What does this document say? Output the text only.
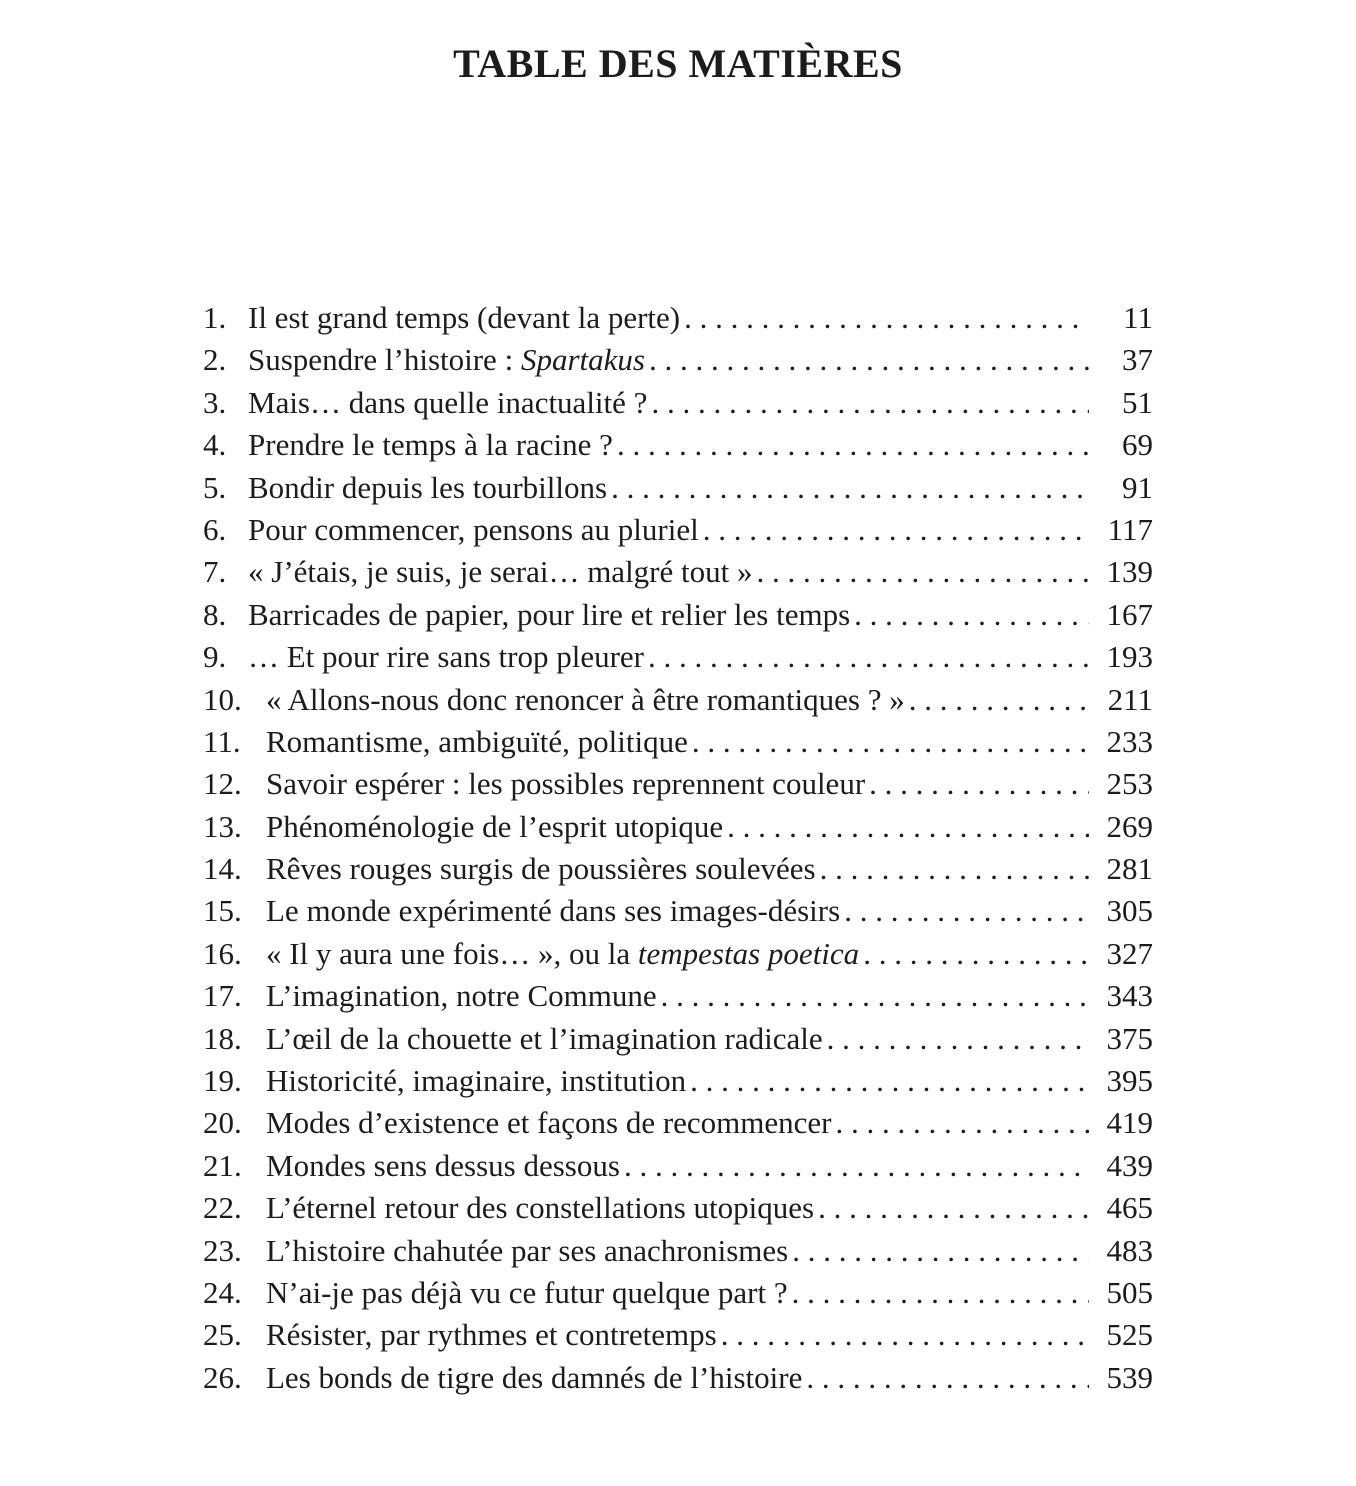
TABLE DES MATIÈRES
1. Il est grand temps (devant la perte) . . .	11
2. Suspendre l’histoire : Spartakus . . .	37
3. Mais… dans quelle inactualité ? . . .	51
4. Prendre le temps à la racine ? . . .	69
5. Bondir depuis les tourbillons . . .	91
6. Pour commencer, pensons au pluriel . . .	117
7. « J’étais, je suis, je serai… malgré tout » . . .	139
8. Barricades de papier, pour lire et relier les temps . . .	167
9. … Et pour rire sans trop pleurer . . .	193
10. « Allons-nous donc renoncer à être romantiques ? » . . .	211
11. Romantisme, ambiguïté, politique . . .	233
12. Savoir espérer : les possibles reprennent couleur . . .	253
13. Phénoménologie de l’esprit utopique . . .	269
14. Rêves rouges surgis de poussières soulevées . . .	281
15. Le monde expérimenté dans ses images-désirs . . .	305
16. « Il y aura une fois… », ou la tempestas poetica . . .	327
17. L’imagination, notre Commune . . .	343
18. L’œil de la chouette et l’imagination radicale . . .	375
19. Historicité, imaginaire, institution . . .	395
20. Modes d’existence et façons de recommencer . . .	419
21. Mondes sens dessus dessous . . .	439
22. L’éternel retour des constellations utopiques . . .	465
23. L’histoire chahutée par ses anachronismes . . .	483
24. N’ai-je pas déjà vu ce futur quelque part ? . . .	505
25. Résister, par rythmes et contretemps . . .	525
26. Les bonds de tigre des damnés de l’histoire . . .	539
